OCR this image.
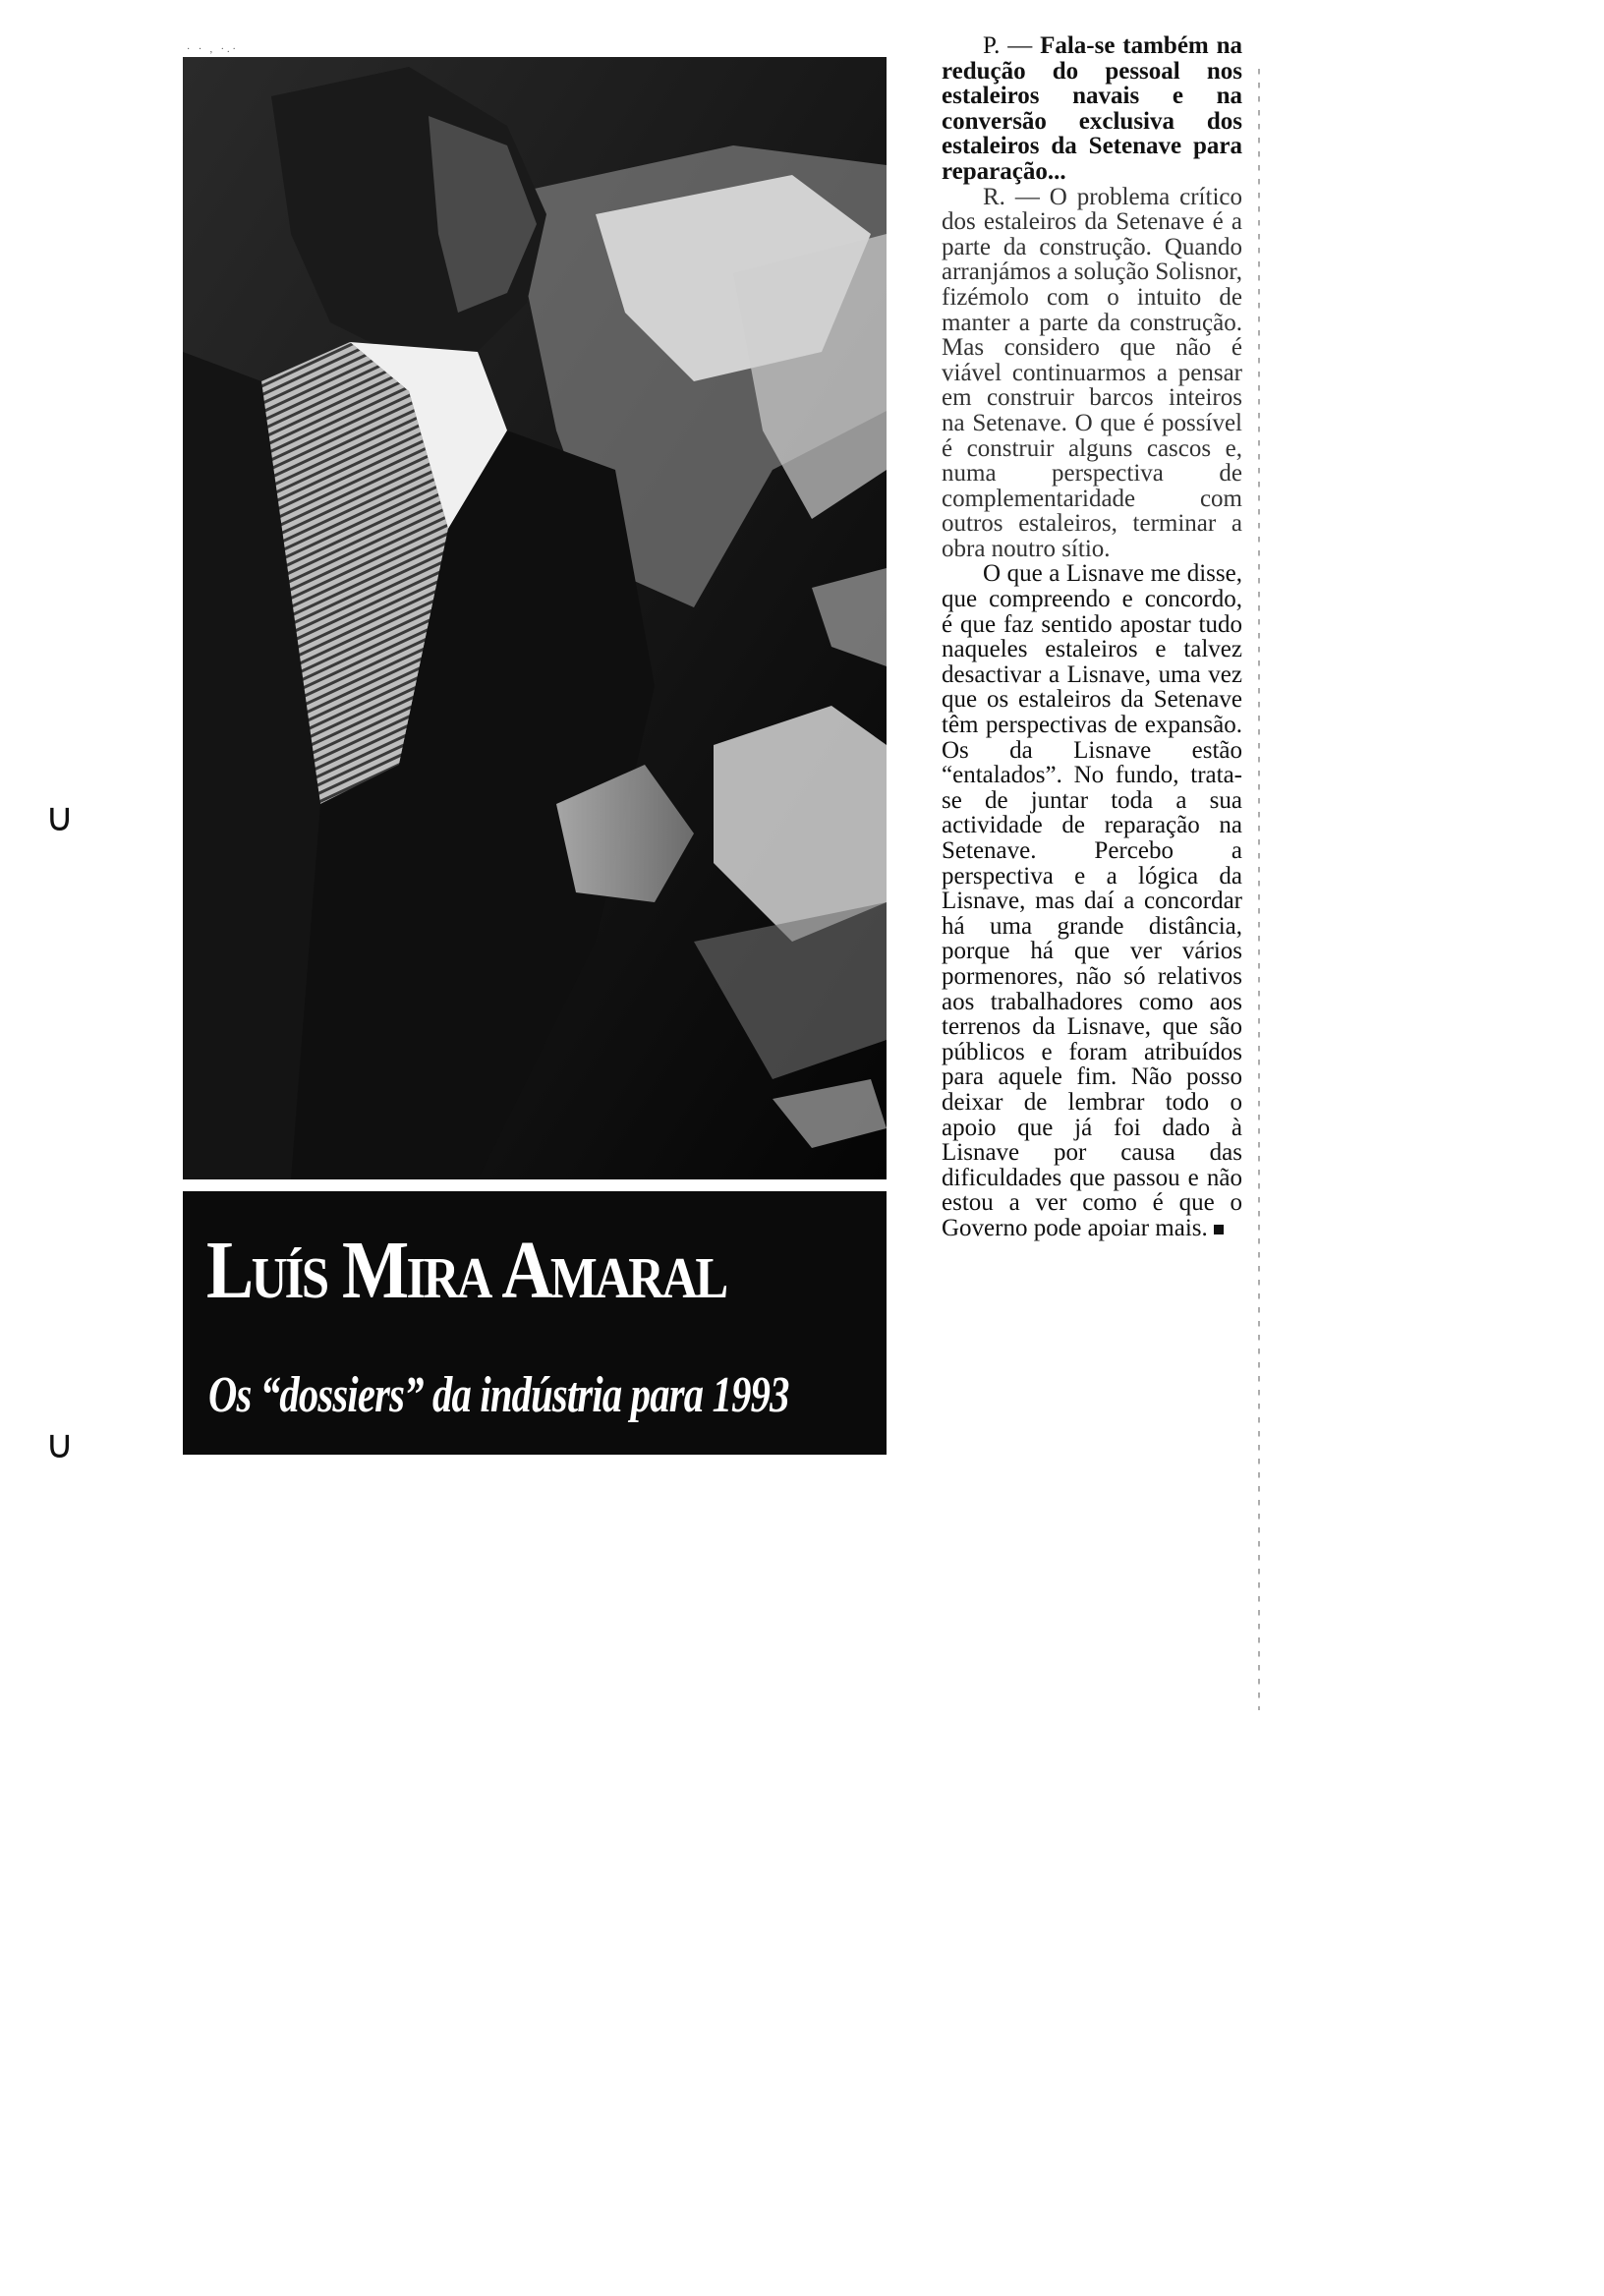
· · , ·.·
Luís Mira Amaral
Os “dossiers” da indústria para 1993
∪
∪

P. — Fala-se também na redução do pessoal nos estaleiros navais e na conversão exclusiva dos estaleiros da Setenave para reparação...

R. — O problema crítico dos estaleiros da Setenave é a parte da construção. Quando arranjámos a solução Solisnor, fizémolo com o intuito de manter a parte da construção. Mas considero que não é viável continuarmos a pensar em construir barcos inteiros na Setenave. O que é possível é construir alguns cascos e, numa perspectiva de complementaridade com outros estaleiros, terminar a obra noutro sítio.

O que a Lisnave me disse, que compreendo e concordo, é que faz sentido apostar tudo naqueles estaleiros e talvez desactivar a Lisnave, uma vez que os estaleiros da Setenave têm perspectivas de expansão. Os da Lisnave estão “entalados”. No fundo, trata-se de juntar toda a sua actividade de reparação na Setenave. Percebo a perspectiva e a lógica da Lisnave, mas daí a concordar há uma grande distância, porque há que ver vários pormenores, não só relativos aos trabalhadores como aos terrenos da Lisnave, que são públicos e foram atribuídos para aquele fim. Não posso deixar de lembrar todo o apoio que já foi dado à Lisnave por causa das dificuldades que passou e não estou a ver como é que o Governo pode apoiar mais.
